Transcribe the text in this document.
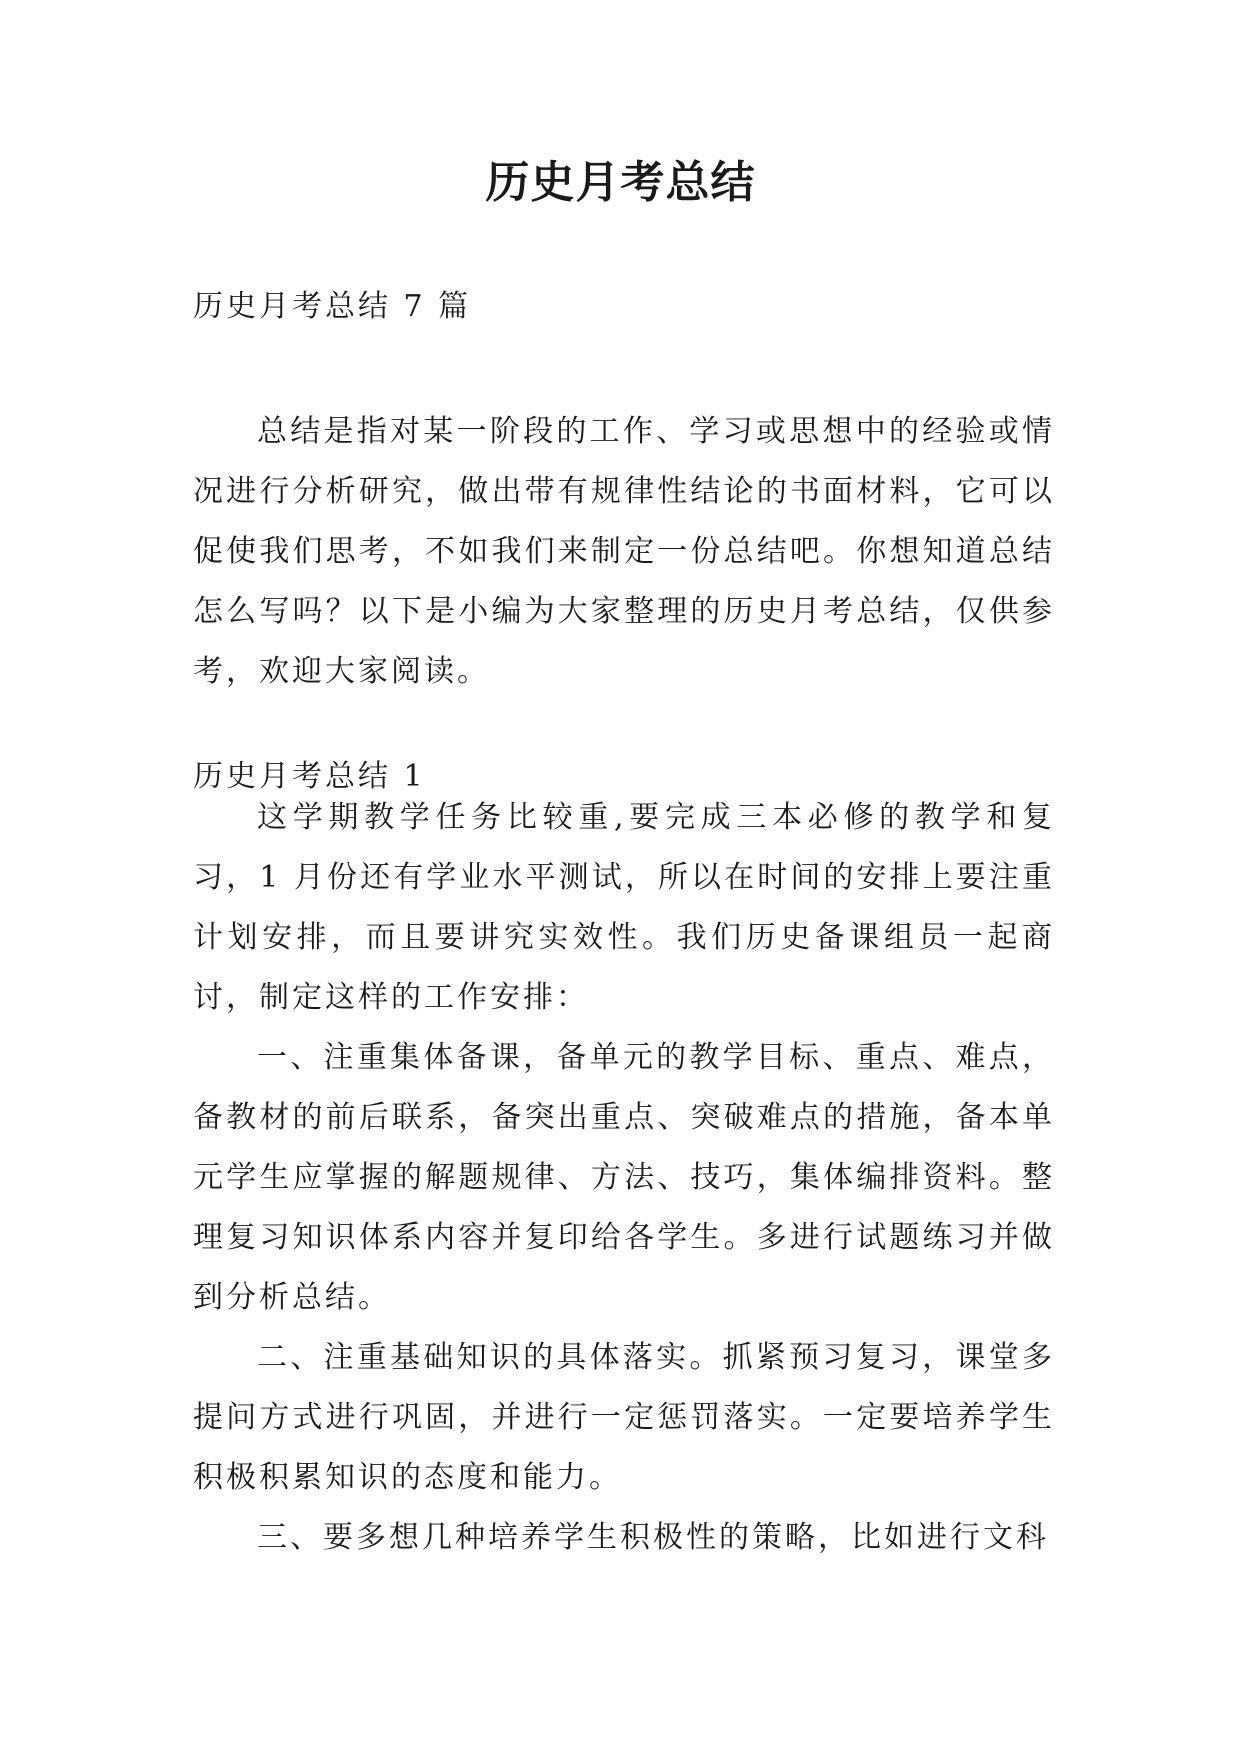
历史月考总结
历史月考总结 7 篇
总结是指对某一阶段的工作、学习或思想中的经验或情况进行分析研究，做出带有规律性结论的书面材料，它可以促使我们思考，不如我们来制定一份总结吧。你想知道总结怎么写吗？以下是小编为大家整理的历史月考总结，仅供参考，欢迎大家阅读。
历史月考总结 1

这学期教学任务比较重,要完成三本必修的教学和复习，1 月份还有学业水平测试，所以在时间的安排上要注重计划安排，而且要讲究实效性。我们历史备课组员一起商讨，制定这样的工作安排：

一、注重集体备课，备单元的教学目标、重点、难点，备教材的前后联系，备突出重点、突破难点的措施，备本单元学生应掌握的解题规律、方法、技巧，集体编排资料。整理复习知识体系内容并复印给各学生。多进行试题练习并做到分析总结。

二、注重基础知识的具体落实。抓紧预习复习，课堂多提问方式进行巩固，并进行一定惩罚落实。一定要培养学生积极积累知识的态度和能力。

三、要多想几种培养学生积极性的策略，比如进行文科
